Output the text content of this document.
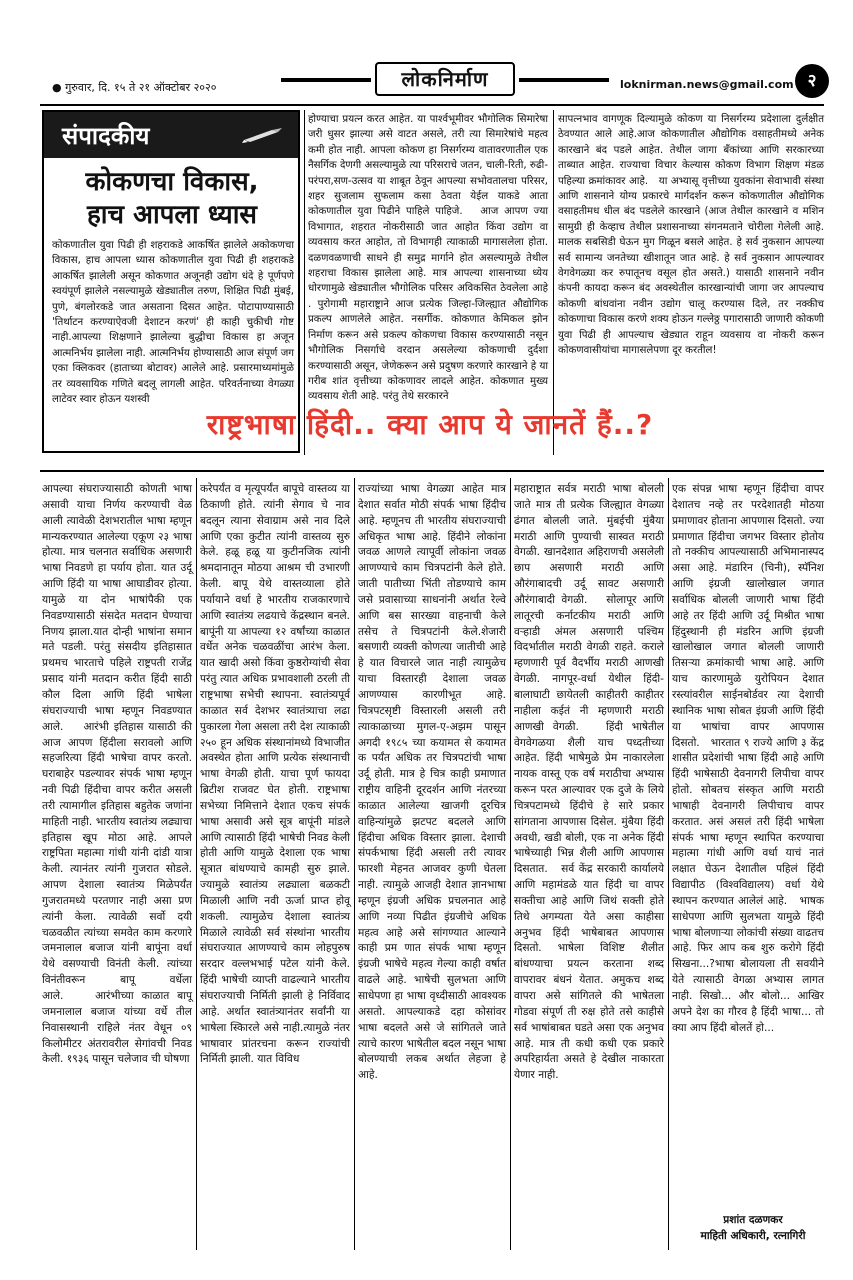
● गुरुवार, दि. १५ ते २१ ऑक्टोबर २०२०	लोकनिर्माण	loknirman.news@gmail.com २
संपादकीय
कोकणचा विकास,
हाच आपला ध्यास
कोकणातील युवा पिढी ही शहराकडे आकर्षित झालेले अकोकणचा विकास, हाच आपला ध्यास कोकणातील युवा पिढी ही शहराकडे आकर्षित झालेली असून कोकणात अजूनही उद्योग धंदे हे पूर्णपणे स्वयंपूर्ण झालेले नसल्यामुळे खेड्यातील तरुण, शिक्षित पिढी मुंबई, पुणे, बंगलोरकडे जात असताना दिसत आहेत. पोटापाण्यासाठी 'तिर्थाटन करण्याऐवजी देशाटन करणं' ही काही चुकीची गोष्ट नाही.आपल्या शिक्षणाने झालेल्या बुद्धीचा विकास हा अजून आत्मनिर्भय झालेला नाही. आत्मनिर्भय होण्यासाठी आज संपूर्ण जग एका क्लिकवर (हाताच्या बोटावर) आलेले आहे. प्रसारमाध्यमांमुळे तर व्यवसायिक गणिते बदलू लागली आहेत. परिवर्तनाच्या वेगळ्या लाटेवर स्वार होऊन यशस्वी
होण्याचा प्रयत्न करत आहेत. या पार्श्वभूमीवर भौगोलिक सिमारेषा जरी धुसर झाल्या असे वाटत असले, तरी त्या सिमारेषांचे महत्व कमी होत नाही. आपला कोकण हा निसर्गरम्य वातावरणातील एक नैसर्गिक देणगी असल्यामुळे त्या परिसराचे जतन, चाली-रिती, रुढी-परंपरा,सण-उत्सव या शाबूत ठेवून आपल्या सभोवतालचा परिसर, शहर सुजलाम सुफलाम कसा ठेवता येईल याकडे आता कोकणातील युवा पिढीने पाहिले पाहिजे.   आज आपण ज्या विभागात, शहरात नोकरीसाठी जात आहोत किंवा उद्योग वा व्यवसाय करत आहोत, तो विभागही त्याकाळी मागासलेला होता. दळणवळणाची साधने ही समुद्र मार्गाने होत असल्यामुळे तेथील शहराचा विकास झालेला आहे. मात्र आपल्या शासनाच्या ध्येय धोरणामुळे खेड्यातील भौगोलिक परिसर अविकसित ठेवलेला आहे . पुरोगामी महाराष्ट्राने आज प्रत्येक जिल्हा-जिल्ह्यात औद्योगिक प्रकल्प आणलेले आहेत. नसर्गीक. कोकणात केमिकल झोन निर्माण करून असे प्रकल्प कोकणचा विकास करण्यासाठी नसून भौगोलिक निसर्गाचे वरदान असलेल्या कोकणाची दुर्दशा करण्यासाठी असून, जेणेकरून असे प्रदुषण करणारे कारखाने हे या गरीब शांत वृत्तीच्या कोकणावर लादले आहेत. कोकणात मुख्य व्यवसाय शेती आहे. परंतु तेथे सरकारने
सापत्नभाव वागणूक दिल्यामुळे कोकण या निसर्गरम्य प्रदेशाला दुर्लक्षीत ठेवण्यात आले आहे.आज कोकणातील औद्योगिक वसाहतीमध्ये अनेक कारखाने बंद पडले आहेत. तेथील जागा बँकांच्या आणि सरकारच्या ताब्यात आहेत. राज्याचा विचार केल्यास कोकण विभाग शिक्षण मंडळ पहिल्या क्रमांकावर आहे.   या अभ्यासू वृत्तीच्या युवकांना सेवाभावी संस्था आणि शासनाने योग्य प्रकारचे मार्गदर्शन करून कोकणातील औद्योगिक वसाहतीमध धील बंद पडलेले कारखाने (आज तेथील कारखाने व मशिन सामुग्री ही केव्हाच तेथील प्रशासनाच्या संगनमताने चोरीला गेलेली आहे. मालक सबसिडी घेऊन मुग गिळून बसले आहेत. हे सर्व नुकसान आपल्या सर्व सामान्य जनतेच्या खीशातून जात आहे. हे सर्व नुकसान आपल्यावर वेगवेगळ्या कर रुपातूनच वसूल होत असते.) यासाठी शासनाने नवीन कंपनी कायदा करून बंद अवस्थेतील कारखान्यांची जागा जर आपल्याच कोकणी बांधवांना नवीन उद्योग चालू करण्यास दिले, तर नक्कीच कोकणाचा विकास करणे शक्य होऊन गल्लेठ्ठ पगारासाठी जाणारी कोकणी युवा पिढी ही आपल्याच खेड्यात राहून व्यवसाय वा नोकरी करून कोकणवासीयांचा मागासलेपणा दूर करतील!
राष्ट्रभाषा हिंदी.. क्या आप ये जानतें हैं..?
आपल्या संघराज्यासाठी कोणती भाषा असावी याचा निर्णय करण्याची वेळ आली त्यावेळी देशभरातील भाषा म्हणून मान्यकरण्यात आलेल्या एकूण २३ भाषा होत्या. मात्र चलनात सर्वाधिक असणारी भाषा निवडणे हा पर्याय होता. यात उर्दू आणि हिंदी या भाषा आघाडीवर होत्या. यामुळे या दोन भाषांपैकी एक निवडण्यासाठी संसदेत मतदान घेण्याचा निणय झाला.यात दोन्ही भाषांना समान मते पडली. परंतु संसदीय इतिहासात प्रथमच भारताचे पहिले राष्ट्रपती राजेंद्र प्रसाद यांनी मतदान करीत हिंदी साठी कौल दिला आणि हिंदी भाषेला संघराज्याची भाषा म्हणून निवडण्यात आले.    आरंभी इतिहास यासाठी की आज आपण हिंदीला सरावलो आणि सहजरित्या हिंदी भाषेचा वापर करतो. घराबाहेर पडल्यावर संपर्क भाषा म्हणून नवी पिढी हिंदीचा वापर करीत असली तरी त्यामागील इतिहास बहुतेक जणांना माहिती नाही. भारतीय स्वातंत्र्य लढ्याचा इतिहास खूप मोठा आहे. आपले राष्ट्रपिता महात्मा गांधी यांनी दांडी यात्रा केली. त्यानंतर त्यांनी गुजरात सोडले. आपण देशाला स्वातंत्र्य मिळेपर्यंत गुजरातमध्ये परतणार नाही असा प्रण त्यांनी केला. त्यावेळी सर्वो दयी चळवळीत त्यांच्या समवेत काम करणारे जमनालाल बजाज यांनी बापूंना वर्धा येथे वसण्याची विनंती केली. त्यांच्या विनंतीवरून बापू वर्धेला आले.    आरंभीच्या काळात बापू जमनालाल बजाज यांच्या वर्धे तील निवासस्थानी राहिले नंतर वेधून ०९ किलोमीटर अंतरावरील सेगांवची निवड केली. १९३६ पासून चलेजाव ची घोषणा
करेपर्यंत व मृत्यूपर्यंत बापूचे वास्तव्य या ठिकाणी होते. त्यांनी सेगाव चे नाव बदलून त्याना सेवाग्राम असे नाव दिले आणि एका कुटीत त्यांनी वास्तव्य सुरु केले. हळू हळू या कुटीनजिक त्यांनी श्रमदानातून मोठया आश्रम ची उभारणी केली. बापू येथे वास्तव्याला होते पर्यायाने वर्धा हे भारतीय राजकारणाचे आणि स्वातंत्र्य लढयाचे केंद्रस्थान बनले. बापूंनी या आपल्या १२ वर्षांच्या काळात वर्धेत अनेक चळवळींचा आरंभ केला. यात खादी असो किंवा कुष्ठरोग्यांची सेवा परंतु त्यात अधिक प्रभावशाली ठरली ती राष्ट्रभाषा सभेची स्थापना. स्वातंत्र्यपूर्व काळात सर्व देशभर स्वातंत्र्याचा लढा पुकारला गेला असला तरी देश त्याकाळी २५० हून अधिक संस्थानांमध्ये विभाजीत अवस्थेत होता आणि प्रत्येक संस्थानाची भाषा वेगळी होती. याचा पूर्ण फायदा ब्रिटीश राजवट घेत होती. राष्ट्रभाषा सभेच्या निमित्ताने देशात एकच संपर्क भाषा असावी असे सूत्र बापूंनी मांडले आणि त्यासाठी हिंदी भाषेची निवड केली होती आणि यामुळे देशाला एक भाषा सूत्रात बांधण्याचे कामही सुरु झाले. ज्यामुळे स्वातंत्र्य लढ्याला बळकटी मिळाली आणि नवी ऊर्जा प्राप्त होवू शकली. त्यामुळेच देशाला स्वातंत्र्य मिळाले त्यावेळी सर्व संस्थांना भारतीय संघराज्यात आणण्याचे काम लोहपुरुष सरदार वल्लभभाई पटेल यांनी केले. हिंदी भाषेची व्याप्ती वाढल्याने भारतीय संघराज्याची निर्मिती झाली हे निर्विवाद आहे. अर्थात स्वातंत्र्यानंतर सर्वांनी या भाषेला स्किारले असे नाही.त्यामुळे नंतर भाषावार प्रांतरचना करून राज्यांची निर्मिती झाली. यात विविध
राज्यांच्या भाषा वेगळ्या आहेत मात्र देशात सर्वात मोठी संपर्क भाषा हिंदीच आहे. म्हणूनच ती भारतीय संघराज्याची अधिकृत भाषा आहे. हिंदीने लोकांना जवळ आणले त्यापूर्वी लोकांना जवळ आणण्याचे काम चित्रपटांनी केले होते. जाती पातीच्या भिंती तोडण्याचे काम जसे प्रवासाच्या साधनांनी अर्थात रेल्वे आणि बस सारख्या वाहनाची केले तसेच ते चित्रपटांनी केले.शेजारी बसणारी व्यक्ती कोणत्या जातीची आहे हे यात विचारले जात नाही त्यामुळेच याचा विस्तारही देशाला जवळ आणण्यास कारणीभूत आहे. चित्रपटसृष्टी विस्तारली असली तरी त्याकाळाच्या मुगल-ए-अझम पासून अगदी १९८५ च्या कयामत से कयामत क पर्यंत अधिक तर चित्रपटांची भाषा उर्दू होती. मात्र हे चित्र काही प्रमाणात राष्ट्रीय वाहिनी दूरदर्शन आणि नंतरच्या काळात आलेल्या खाजगी दूरचित्र वाहिन्यांमुळे झटपट बदलले आणि हिंदीचा अधिक विस्तार झाला. देशाची संपर्कभाषा हिंदी असली तरी त्यावर फारशी मेहनत आजवर कुणी घेतला नाही. त्यामुळे आजही देशात ज्ञानभाषा म्हणून इंग्रजी अधिक प्रचलनात आहे आणि नव्या पिढीत इंग्रजीचे अधिक महत्व आहे असे सांगण्यात आल्याने काही प्रम णात संपर्क भाषा म्हणून इंग्रजी भाषेचे महत्व गेल्या काही वर्षात वाढले आहे. भाषेची सुलभता आणि साधेपणा हा भाषा वृध्दीसाठी आवश्यक असतो. आपल्याकडे दहा कोसांवर भाषा बदलते असे जे सांगितले जाते त्याचे कारण भाषेतील बदल नसून भाषा बोलण्याची लकब अर्थात लेहजा हे आहे.
महाराष्ट्रात सर्वत्र मराठी भाषा बोलली जाते मात्र ती प्रत्येक जिल्ह्यात वेगळ्या ढंगात बोलली जाते. मुंबईची मुंबैया मराठी आणि पुण्याची सास्वत मराठी वेगळी. खानदेशात अहिराणची असलेली छाप असणारी मराठी आणि औरंगाबादची उर्दू सावट असणारी औरंगाबादी वेगळी.   सोलापूर आणि लातूरची कर्नाटकीय मराठी आणि वऱ्हाडी अंमल असणारी पश्चिम विदर्भातील मराठी वेगळी राहते. कराले म्हणणारी पूर्व वैदर्भीय मराठी आणखी वेगळी. नागपूर-वर्धा येथील हिंदी-बालाघाटी छायेतली काहीतरी काहीतर नाहीला कईतं नी म्हणणारी मराठी आणखी वेगळी.   हिंदी भाषेतील वेगवेगळया शैली याच पध्दतीच्या आहेत. हिंदी भाषेमुळे प्रेम नाकारलेला नायक वास्तू एक वर्ष मराठीचा अभ्यास करून परत आल्यावर एक दुजे के लिये चित्रपटामध्ये हिंदीचे हे सारे प्रकार सांगताना आपणास दिसेल. मुंबैया हिंदी अवधी, खडी बोली, एक ना अनेक हिंदी भाषेच्याही भिन्न शैली आणि आपणास दिसतात.   सर्व केंद्र सरकारी कार्यालये आणि महामंडळे यात हिंदी चा वापर सक्तीचा आहे आणि जिथं सक्ती होते तिथे अगम्यता येते असा काहीसा अनुभव हिंदी भाषेबाबत आपणास दिसतो. भाषेला विशिष्ट शैलीत बांधण्याचा प्रयत्न करताना शब्द वापरावर बंधनं येतात. अमुकच शब्द वापरा असे सांगितले की भाषेतला गोडवा संपूर्ण ती रुक्ष होते तसे काहीसे सर्व भाषांबाबत घडते असा एक अनुभव आहे. मात्र ती कधी कधी एक प्रकारे अपरिहार्यता असते हे देखील नाकारता येणार नाही.
एक संपन्न भाषा म्हणून हिंदीचा वापर देशातच नव्हे तर परदेशातही मोठया प्रमाणावर होताना आपणास दिसतो. ज्या प्रमाणात हिंदीचा जगभर विस्तार होतोय तो नक्कीच आपल्यासाठी अभिमानास्पद असा आहे. मंडारिन (चिनी), स्पॅनिश आणि इंग्रजी खालोखाल जगात सर्वाधिक बोलली जाणारी भाषा हिंदी आहे तर हिंदी आणि उर्दू मिश्रीत भाषा हिंदुस्थानी ही मंडरिन आणि इंग्रजी खालोखाल जगात बोलली जाणारी तिसऱ्या क्रमांकाची भाषा आहे. आणि याच कारणामुळे युरोपियन देशात रस्त्यांवरील साईनबोर्डवर त्या देशाची स्थानिक भाषा सोबत इंग्रजी आणि हिंदी या भाषांचा वापर आपणास दिसतो.   भारतात ९ राज्ये आणि ३ केंद्र शासीत प्रदेशांची भाषा हिंदी आहे आणि हिंदी भाषेसाठी देवनागरी लिपीचा वापर होतो. सोबतच संस्कृत आणि मराठी भाषाही देवनागरी लिपीचाच वापर करतात. असं असलं तरी हिंदी भाषेला संपर्क भाषा म्हणून स्थापित करण्याचा महात्मा गांधी आणि वर्धा याचं नातं लक्षात घेऊन देशातील पहिलं हिंदी विद्यापीठ (विश्वविद्यालय) वर्धा येथे स्थापन करण्यात आलेलं आहे.   भाषक साधेपणा आणि सुलभता यामुळे हिंदी भाषा बोलणाऱ्या लोकांची संख्या वाढतच आहे. फिर आप कब शुरु करोगे हिंदी सिखना...?भाषा बोलायला ती सवयीने येते त्यासाठी वेगळा अभ्यास लागत नाही. सिखो... और बोलो... आखिर अपने देश का गौरव है हिंदी भाषा... तो क्या आप हिंदी बोलतें हो...
प्रशांत दळणकर
माहिती अधिकारी, रत्नागिरी
